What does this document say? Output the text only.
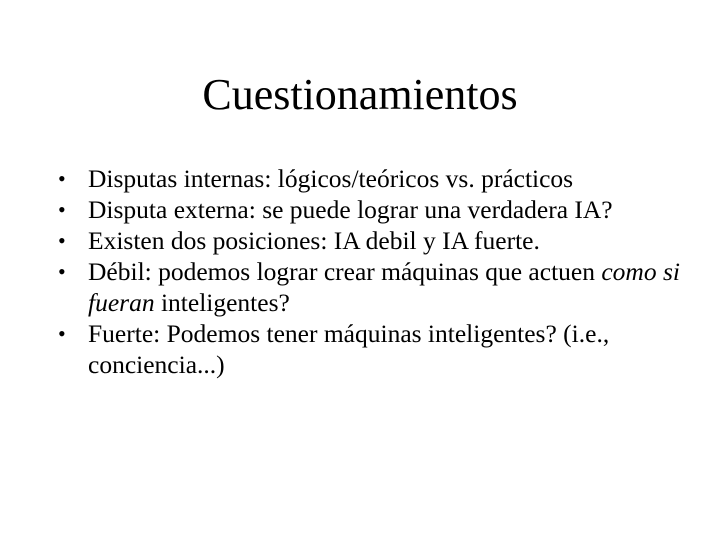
Cuestionamientos
• Disputas internas: lógicos/teóricos vs. prácticos
• Disputa externa: se puede lograr una verdadera IA?
• Existen dos posiciones: IA debil y IA fuerte.
• Débil: podemos lograr crear máquinas que actuen como si fueran inteligentes?
• Fuerte: Podemos tener máquinas inteligentes? (i.e., conciencia...)
